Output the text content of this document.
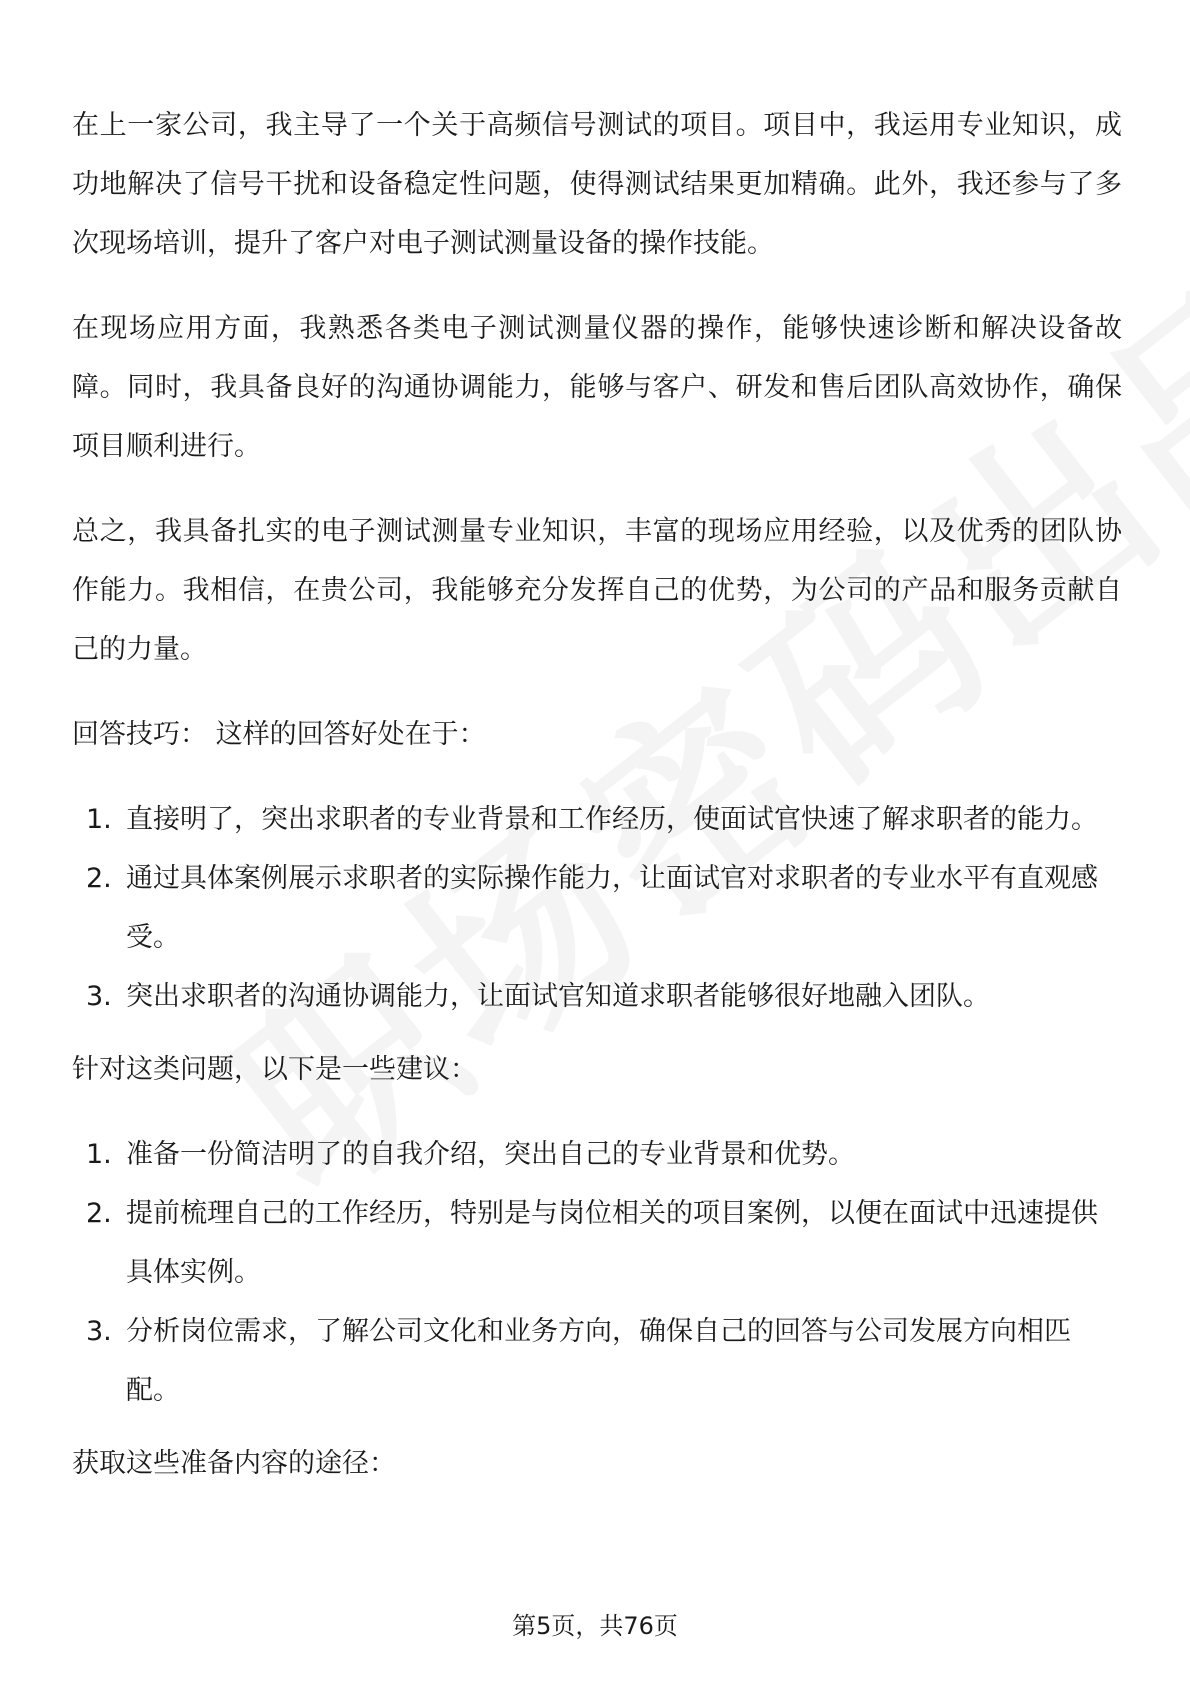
在上一家公司，我主导了一个关于高频信号测试的项目。项目中，我运用专业知识，成功地解决了信号干扰和设备稳定性问题，使得测试结果更加精确。此外，我还参与了多次现场培训，提升了客户对电子测试测量设备的操作技能。

在现场应用方面，我熟悉各类电子测试测量仪器的操作，能够快速诊断和解决设备故障。同时，我具备良好的沟通协调能力，能够与客户、研发和售后团队高效协作，确保项目顺利进行。

总之，我具备扎实的电子测试测量专业知识，丰富的现场应用经验，以及优秀的团队协作能力。我相信，在贵公司，我能够充分发挥自己的优势，为公司的产品和服务贡献自己的力量。

回答技巧： 这样的回答好处在于：

1. 直接明了，突出求职者的专业背景和工作经历，使面试官快速了解求职者的能力。
2. 通过具体案例展示求职者的实际操作能力，让面试官对求职者的专业水平有直观感受。
3. 突出求职者的沟通协调能力，让面试官知道求职者能够很好地融入团队。

针对这类问题，以下是一些建议：

1. 准备一份简洁明了的自我介绍，突出自己的专业背景和优势。
2. 提前梳理自己的工作经历，特别是与岗位相关的项目案例，以便在面试中迅速提供具体实例。
3. 分析岗位需求，了解公司文化和业务方向，确保自己的回答与公司发展方向相匹配。

获取这些准备内容的途径：

第5页，共76页
